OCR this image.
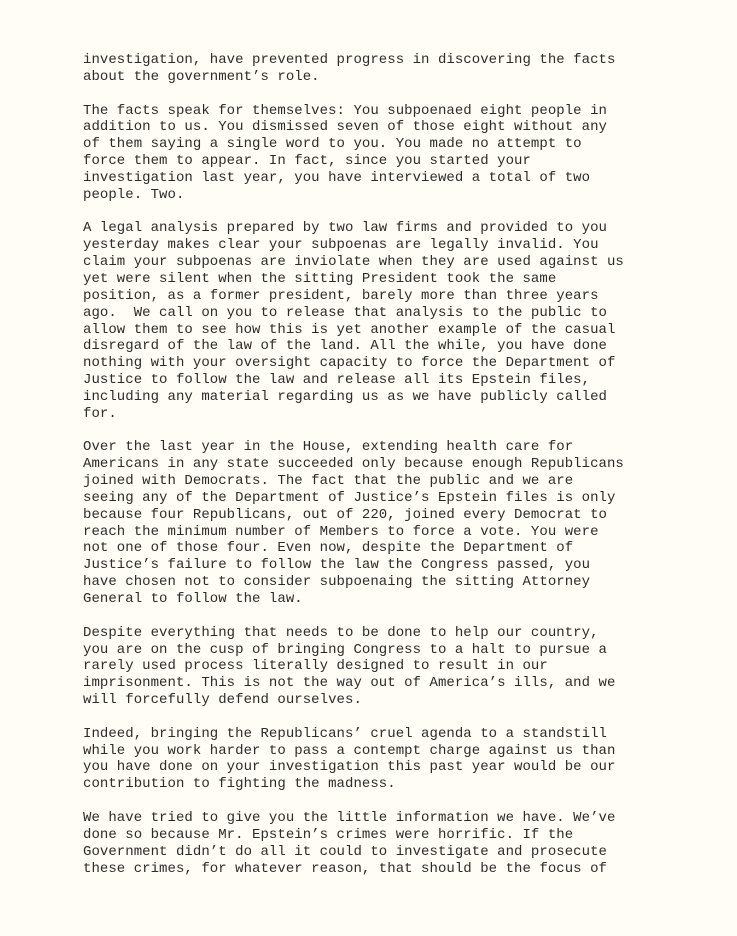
investigation, have prevented progress in discovering the facts
about the government’s role.
The facts speak for themselves: You subpoenaed eight people in
addition to us. You dismissed seven of those eight without any
of them saying a single word to you. You made no attempt to
force them to appear. In fact, since you started your
investigation last year, you have interviewed a total of two
people. Two.
A legal analysis prepared by two law firms and provided to you
yesterday makes clear your subpoenas are legally invalid. You
claim your subpoenas are inviolate when they are used against us
yet were silent when the sitting President took the same
position, as a former president, barely more than three years
ago.  We call on you to release that analysis to the public to
allow them to see how this is yet another example of the casual
disregard of the law of the land. All the while, you have done
nothing with your oversight capacity to force the Department of
Justice to follow the law and release all its Epstein files,
including any material regarding us as we have publicly called
for.
Over the last year in the House, extending health care for
Americans in any state succeeded only because enough Republicans
joined with Democrats. The fact that the public and we are
seeing any of the Department of Justice’s Epstein files is only
because four Republicans, out of 220, joined every Democrat to
reach the minimum number of Members to force a vote. You were
not one of those four. Even now, despite the Department of
Justice’s failure to follow the law the Congress passed, you
have chosen not to consider subpoenaing the sitting Attorney
General to follow the law.
Despite everything that needs to be done to help our country,
you are on the cusp of bringing Congress to a halt to pursue a
rarely used process literally designed to result in our
imprisonment. This is not the way out of America’s ills, and we
will forcefully defend ourselves.
Indeed, bringing the Republicans’ cruel agenda to a standstill
while you work harder to pass a contempt charge against us than
you have done on your investigation this past year would be our
contribution to fighting the madness.
We have tried to give you the little information we have. We’ve
done so because Mr. Epstein’s crimes were horrific. If the
Government didn’t do all it could to investigate and prosecute
these crimes, for whatever reason, that should be the focus of
